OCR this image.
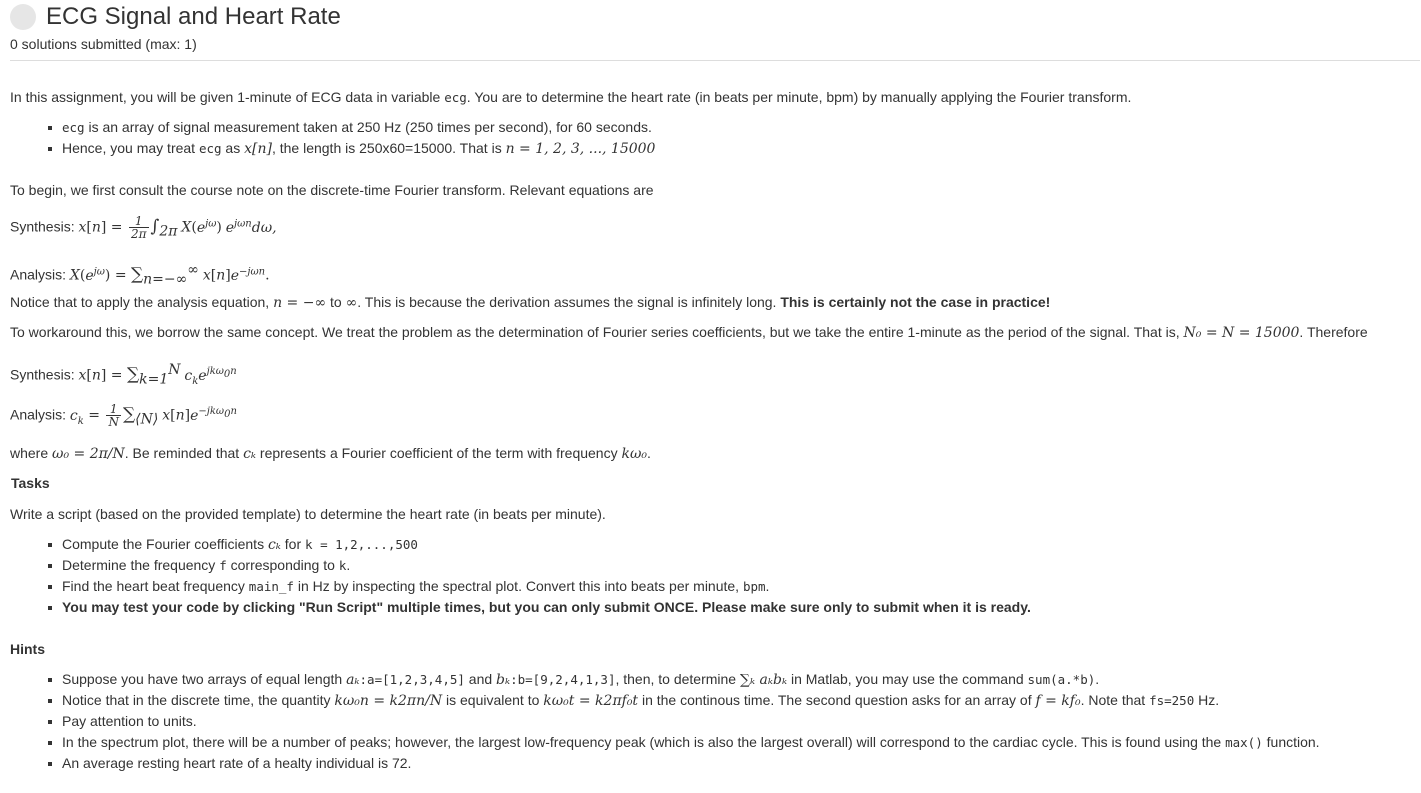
ECG Signal and Heart Rate
0 solutions submitted (max: 1)

In this assignment, you will be given 1-minute of ECG data in variable ecg. You are to determine the heart rate (in beats per minute, bpm) by manually applying the Fourier transform.

ecg is an array of signal measurement taken at 250 Hz (250 times per second), for 60 seconds.
Hence, you may treat ecg as x[n], the length is 250x60=15000. That is n = 1, 2, 3, ..., 15000

To begin, we first consult the course note on the discrete-time Fourier transform. Relevant equations are

Synthesis: $x[n] = \frac{1}{2\pi} \int_{2\pi}$ $X(e^{j\omega})$ $e^{j\omega n}d\omega$,

Analysis: $X(e^{j\omega}) = \sum_{n=-\infty}^\infty$ $x[n]e^{-j\omega n}$.

Notice that to apply the analysis equation, n = −∞ to ∞. This is because the derivation assumes the signal is infinitely long. This is certainly not the case in practice!

To workaround this, we borrow the same concept. We treat the problem as the determination of Fourier series coefficients, but we take the entire 1-minute as the period of the signal. That is, N₀ = N = 15000. Therefore

Synthesis: $x[n] = \sum_{k=1}^N$ $c_ke^{jk\omega_0n}$

Analysis: $c_k = \frac{1}{N} \sum_{⟨N⟩}$ $x[n]e^{-jk\omega_0n}$

where ω₀ = 2π/N. Be reminded that cₖ represents a Fourier coefficient of the term with frequency kω₀.

Tasks

Write a script (based on the provided template) to determine the heart rate (in beats per minute).

Compute the Fourier coefficients cₖ for k = 1,2,...,500
Determine the frequency f corresponding to k.
Find the heart beat frequency main_f in Hz by inspecting the spectral plot. Convert this into beats per minute, bpm.
You may test your code by clicking "Run Script" multiple times, but you can only submit ONCE. Please make sure only to submit when it is ready.

Hints

Suppose you have two arrays of equal length aₖ:a=[1,2,3,4,5] and bₖ:b=[9,2,4,1,3], then, to determine ∑ₖ aₖbₖ in Matlab, you may use the command sum(a.*b).
Notice that in the discrete time, the quantity kω₀n = k2πn/N is equivalent to kω₀t = k2πf₀t in the continous time. The second question asks for an array of f = kf₀. Note that fs=250 Hz.
Pay attention to units.
In the spectrum plot, there will be a number of peaks; however, the largest low-frequency peak (which is also the largest overall) will correspond to the cardiac cycle. This is found using the max() function.
An average resting heart rate of a healty individual is 72.
